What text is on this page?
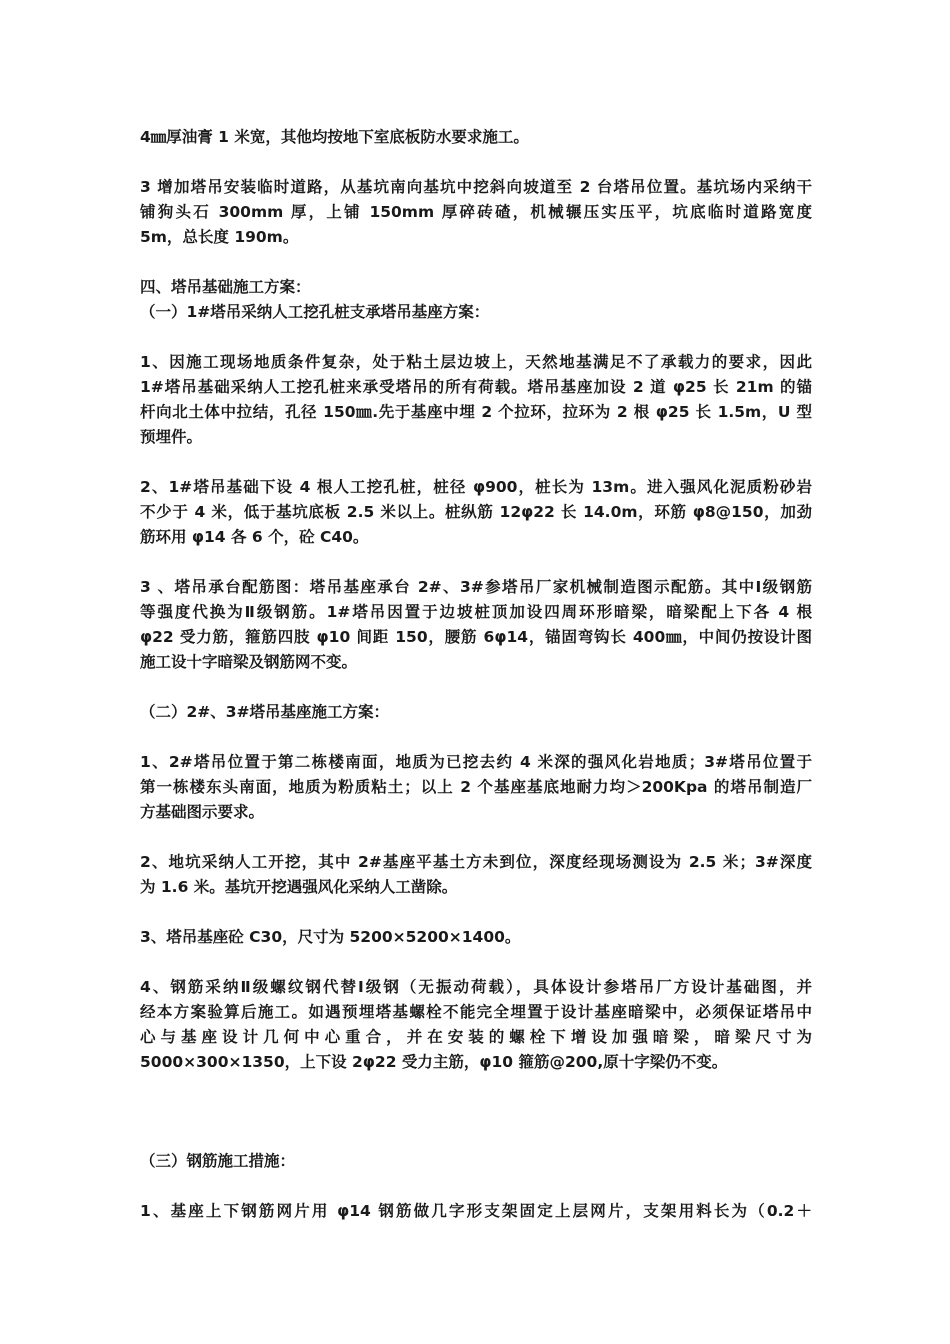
4㎜厚油膏 1 米宽，其他均按地下室底板防水要求施工。

3 增加塔吊安装临时道路，从基坑南向基坑中挖斜向坡道至 2 台塔吊位置。基坑场内采纳干
铺狗头石 300mm 厚，上铺 150mm 厚碎砖碴，机械辗压实压平，坑底临时道路宽度
5m，总长度 190m。

四、塔吊基础施工方案：
（一）1#塔吊采纳人工挖孔桩支承塔吊基座方案：

1、因施工现场地质条件复杂，处于粘土层边坡上，天然地基满足不了承载力的要求，因此
1#塔吊基础采纳人工挖孔桩来承受塔吊的所有荷载。塔吊基座加设 2 道 φ25 长 21m 的锚
杆向北土体中拉结，孔径 150㎜.先于基座中埋 2 个拉环，拉环为 2 根 φ25 长 1.5m，U 型
预埋件。

2、1#塔吊基础下设 4 根人工挖孔桩，桩径 φ900，桩长为 13m。进入强风化泥质粉砂岩
不少于 4 米，低于基坑底板 2.5 米以上。桩纵筋 12φ22 长 14.0m，环筋 φ8@150，加劲
筋环用 φ14 各 6 个，砼 C40。

3 、塔吊承台配筋图：塔吊基座承台 2#、3#参塔吊厂家机械制造图示配筋。其中Ⅰ级钢筋
等强度代换为Ⅱ级钢筋。1#塔吊因置于边坡桩顶加设四周环形暗梁，暗梁配上下各 4 根
φ22 受力筋，箍筋四肢 φ10 间距 150，腰筋 6φ14，锚固弯钩长 400㎜，中间仍按设计图
施工设十字暗梁及钢筋网不变。

（二）2#、3#塔吊基座施工方案：

1、2#塔吊位置于第二栋楼南面，地质为已挖去约 4 米深的强风化岩地质；3#塔吊位置于
第一栋楼东头南面，地质为粉质粘土；以上 2 个基座基底地耐力均＞200Kpa 的塔吊制造厂
方基础图示要求。

2、地坑采纳人工开挖，其中 2#基座平基土方未到位，深度经现场测设为 2.5 米；3#深度
为 1.6 米。基坑开挖遇强风化采纳人工凿除。

3、塔吊基座砼 C30，尺寸为 5200×5200×1400。

4、钢筋采纳Ⅱ级螺纹钢代替Ⅰ级钢（无振动荷载），具体设计参塔吊厂方设计基础图，并
经本方案验算后施工。如遇预埋塔基螺栓不能完全埋置于设计基座暗梁中，必须保证塔吊中
心与基座设计几何中心重合，并在安装的螺栓下增设加强暗梁，暗梁尺寸为
5000×300×1350，上下设 2φ22 受力主筋，φ10 箍筋@200,原十字梁仍不变。

（三）钢筋施工措施：

1、基座上下钢筋网片用 φ14 钢筋做几字形支架固定上层网片，支架用料长为（0.2＋
